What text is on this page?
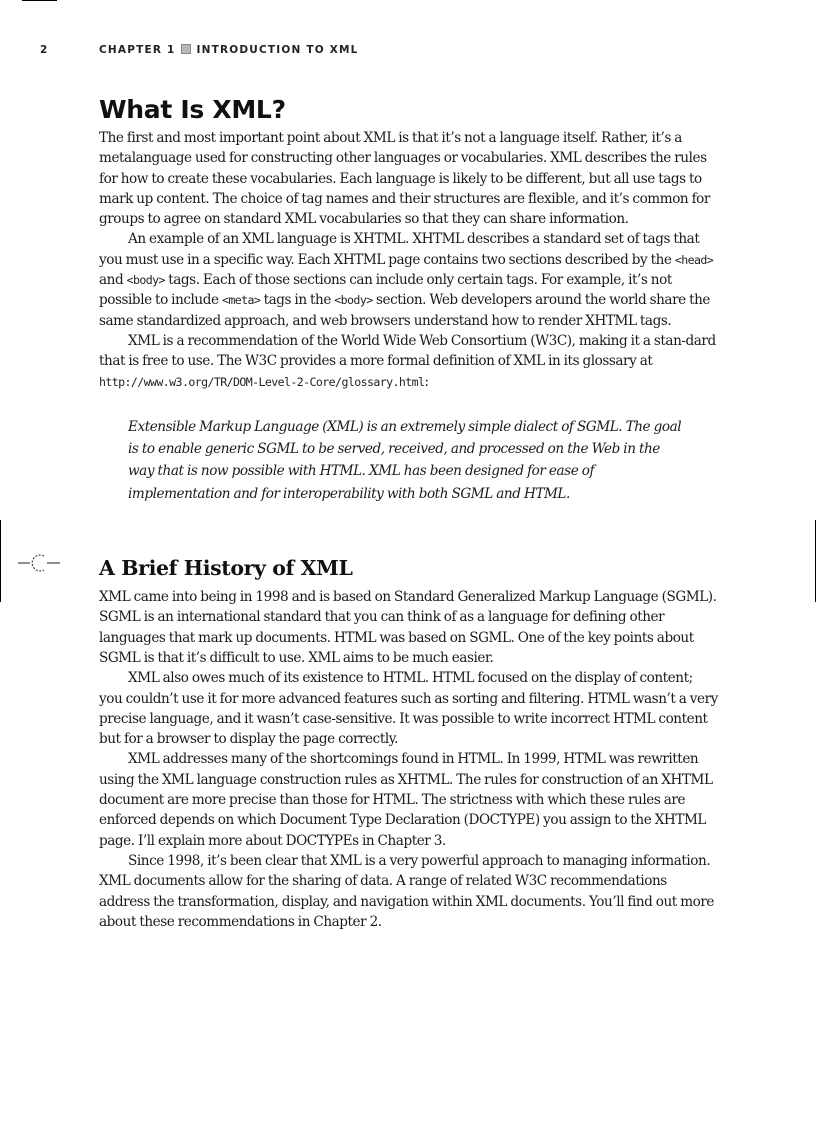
2	CHAPTER 1 INTRODUCTION TO XML
What Is XML?

The first and most important point about XML is that it’s not a language itself. Rather, it’s a metalanguage used for constructing other languages or vocabularies. XML describes the rules for how to create these vocabularies. Each language is likely to be different, but all use tags to mark up content. The choice of tag names and their structures are flexible, and it’s common for groups to agree on standard XML vocabularies so that they can share information.

An example of an XML language is XHTML. XHTML describes a standard set of tags that you must use in a specific way. Each XHTML page contains two sections described by the <head> and <body> tags. Each of those sections can include only certain tags. For example, it’s not possible to include <meta> tags in the <body> section. Web developers around the world share the same standardized approach, and web browsers understand how to render XHTML tags.

XML is a recommendation of the World Wide Web Consortium (W3C), making it a stan-dard that is free to use. The W3C provides a more formal definition of XML in its glossary at http://www.w3.org/TR/DOM-Level-2-Core/glossary.html:

Extensible Markup Language (XML) is an extremely simple dialect of SGML. The goal is to enable generic SGML to be served, received, and processed on the Web in the way that is now possible with HTML. XML has been designed for ease of implementation and for interoperability with both SGML and HTML.
A Brief History of XML

XML came into being in 1998 and is based on Standard Generalized Markup Language (SGML). SGML is an international standard that you can think of as a language for defining other languages that mark up documents. HTML was based on SGML. One of the key points about SGML is that it’s difficult to use. XML aims to be much easier.

XML also owes much of its existence to HTML. HTML focused on the display of content; you couldn’t use it for more advanced features such as sorting and filtering. HTML wasn’t a very precise language, and it wasn’t case-sensitive. It was possible to write incorrect HTML content but for a browser to display the page correctly.

XML addresses many of the shortcomings found in HTML. In 1999, HTML was rewritten using the XML language construction rules as XHTML. The rules for construction of an XHTML document are more precise than those for HTML. The strictness with which these rules are enforced depends on which Document Type Declaration (DOCTYPE) you assign to the XHTML page. I’ll explain more about DOCTYPEs in Chapter 3.

Since 1998, it’s been clear that XML is a very powerful approach to managing information. XML documents allow for the sharing of data. A range of related W3C recommendations address the transformation, display, and navigation within XML documents. You’ll find out more about these recommendations in Chapter 2.
